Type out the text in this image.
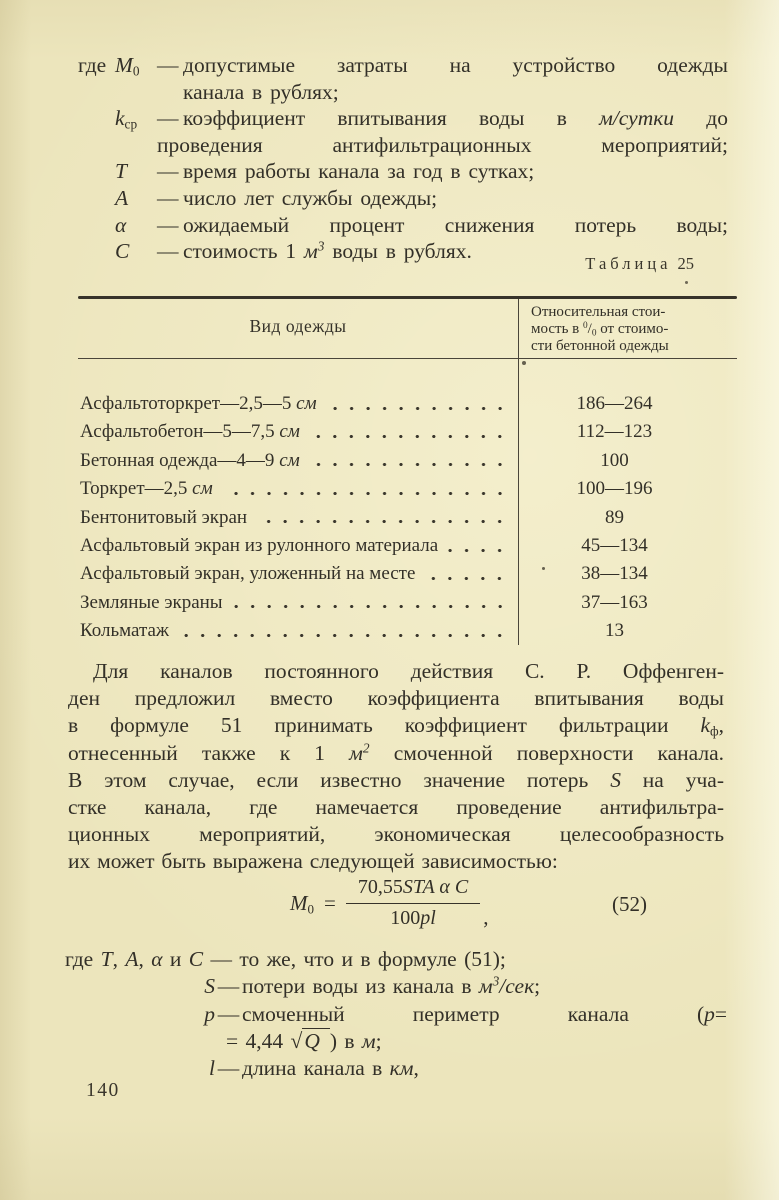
где $M_0$ — допустимые затраты на устройство одежды
канала в рублях;
$k_{ср}$ — коэффициент впитывания воды в м/сутки до
проведения антифильтрационных мероприятий;
T	— время работы канала за год в сутках;
A	— число лет службы одежды;
α	— ожидаемый процент снижения потерь воды;
C	— стоимость 1 $м^3$ воды в рублях.
Таблица 25
Вид одежды
Относительная стои-
мость в $^0/_0$ от стоимо-
сти бетонной одежды
Асфальтоторкрет—2,5—5 см	186—264
Асфальтобетон—5—7,5 см	112—123
Бетонная одежда—4—9 см	100
Торкрет—2,5 см	100—196
Бентонитовый экран	89
Асфальтовый экран из рулонного материала	45—134
Асфальтовый экран, уложенный на месте	38—134
Земляные экраны	37—163
Кольматаж	13
Для каналов постоянного действия С. Р. Оффенген-
ден предложил вместо коэффициента впитывания воды
в формуле 51 принимать коэффициент фильтрации $k_ф$,
отнесенный также к 1 $м^2$ смоченной поверхности канала.
В этом случае, если известно значение потерь S на уча-
стке канала, где намечается проведение антифильтра-
ционных мероприятий, экономическая целесообразность
их может быть выражена следующей зависимостью:
$M_0 = \frac{\text{70,55STA α C}}{100pl}$ ,
(52)
где T, A, α и C — то же, что и в формуле (51);
S — потери воды из канала в $м^3$/сек;
p — смоченный периметр канала (p=
= 4,44 √Q ) в м;
l — длина канала в км,
140
